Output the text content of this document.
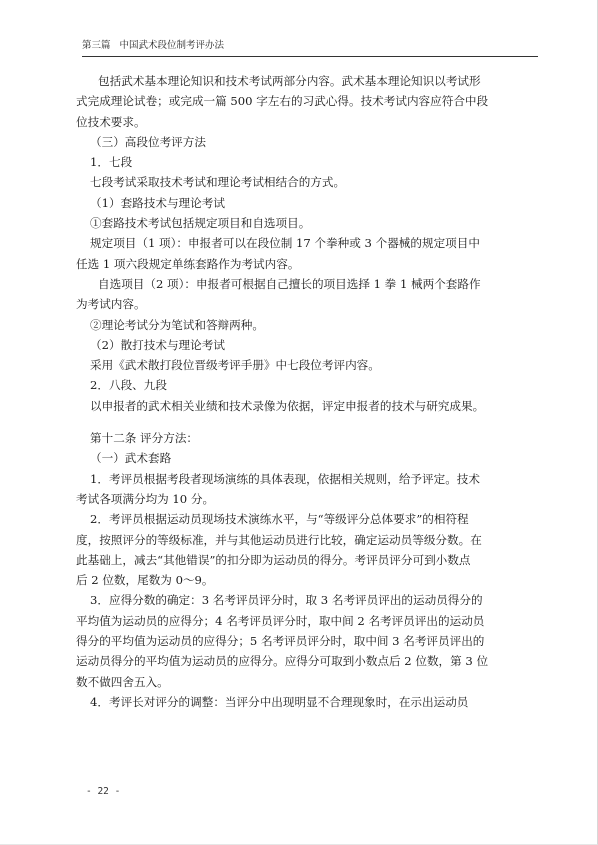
第三篇 中国武术段位制考评办法
包括武术基本理论知识和技术考试两部分内容。武术基本理论知识以考试形
式完成理论试卷；或完成一篇 500 字左右的习武心得。技术考试内容应符合中段
位技术要求。
（三）高段位考评方法
1．七段
七段考试采取技术考试和理论考试相结合的方式。
（1）套路技术与理论考试
①套路技术考试包括规定项目和自选项目。
规定项目（1 项）：申报者可以在段位制 17 个拳种或 3 个器械的规定项目中
任选 1 项六段规定单练套路作为考试内容。
自选项目（2 项）：申报者可根据自己擅长的项目选择 1 拳 1 械两个套路作
为考试内容。
②理论考试分为笔试和答辩两种。
（2）散打技术与理论考试
采用《武术散打段位晋级考评手册》中七段位考评内容。
2．八段、九段
以申报者的武术相关业绩和技术录像为依据，评定申报者的技术与研究成果。
第十二条 评分方法：
（一）武术套路
1．考评员根据考段者现场演练的具体表现，依据相关规则，给予评定。技术
考试各项满分均为 10 分。
2．考评员根据运动员现场技术演练水平，与“等级评分总体要求”的相符程
度，按照评分的等级标准，并与其他运动员进行比较，确定运动员等级分数。在
此基础上，减去“其他错误”的扣分即为运动员的得分。考评员评分可到小数点
后 2 位数，尾数为 0～9。
3．应得分数的确定：3 名考评员评分时，取 3 名考评员评出的运动员得分的
平均值为运动员的应得分；4 名考评员评分时，取中间 2 名考评员评出的运动员
得分的平均值为运动员的应得分；5 名考评员评分时，取中间 3 名考评员评出的
运动员得分的平均值为运动员的应得分。应得分可取到小数点后 2 位数，第 3 位
数不做四舍五入。
4．考评长对评分的调整：当评分中出现明显不合理现象时，在示出运动员
- 22 -
